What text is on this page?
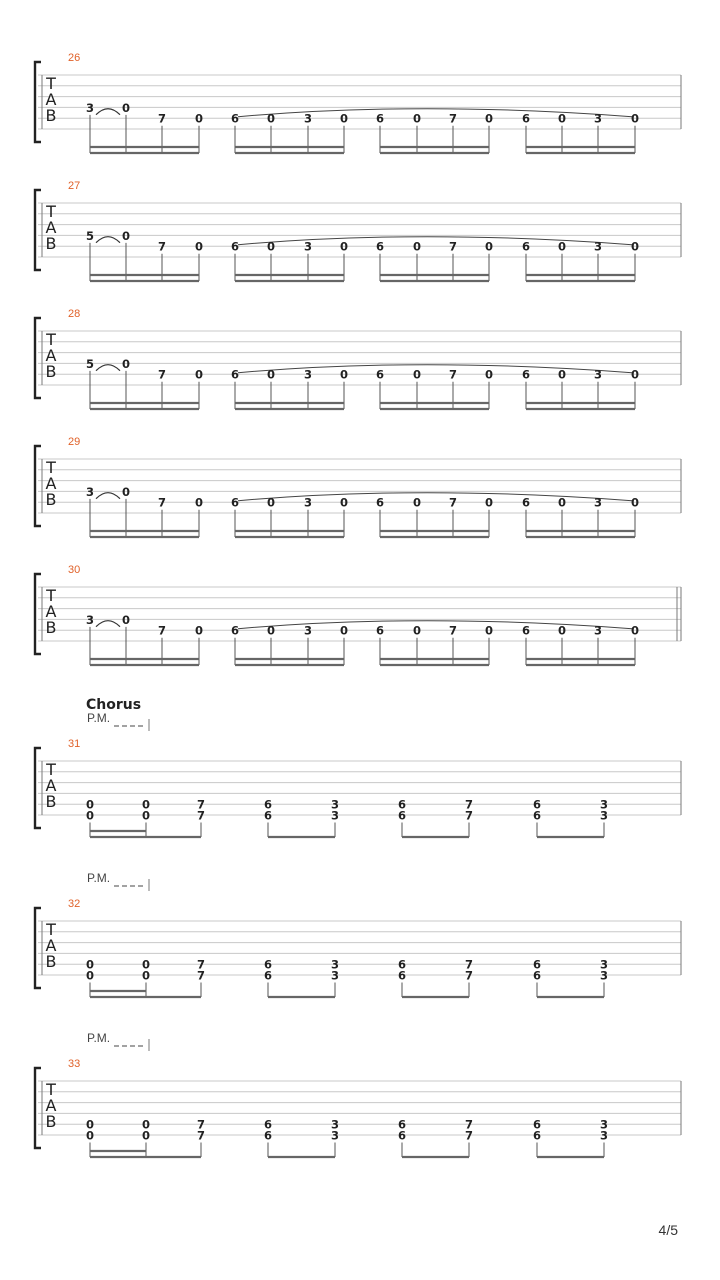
T
A
B
26
3 0
7	0 6 0	3 0 6	0 7 0	6 0 3	0
T
A
B
27
5 0
7	0 6 0	3 0 6	0 7 0	6 0 3	0
T
A
B
28
5 0
7	0 6 0	3 0 6	0 7 0	6 0 3	0
T
A
B
29
3 0
7	0 6 0	3 0 6	0 7 0	6 0 3	0
T
A
B
30
3 0
7	0 6 0	3 0 6	0 7 0	6 0 3	0
T
A
B
31
Chorus
P.M.
0
0
0
0
7
7
6
6
3
3
6
6
7
7
6
6
3
3
T
A
B
32
P.M.
0
0
0
0
7
7
6
6
3
3
6
6
7
7
6
6
3
3
T
A
B
33
P.M.
0
0
0
0
7
7
6
6
3
3
6
6
7
7
6
6
3
3
4/5
